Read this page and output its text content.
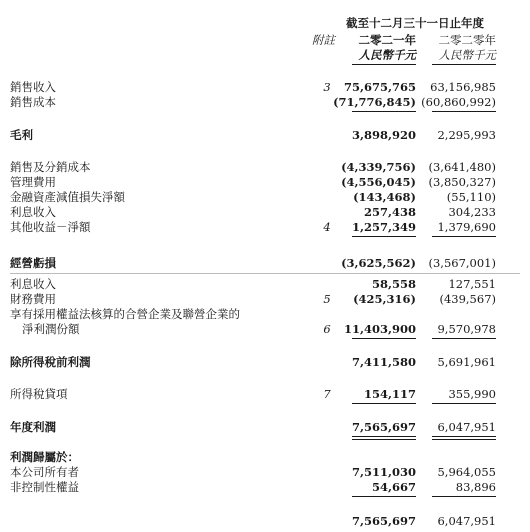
截至十二月三十一日止年度
附註	二零二一年	二零二零年
人民幣千元	人民幣千元
銷售收入	3	75,675,765	63,156,985
銷售成本	(71,776,845) (60,860,992)
毛利	3,898,920	2,295,993
銷售及分銷成本	(4,339,756)	(3,641,480)
管理費用	(4,556,045)	(3,850,327)
金融資產減值損失淨額	(143,468)	(55,110)
利息收入	257,438	304,233
其他收益－淨額	4	1,257,349	1,379,690
經營虧損	(3,625,562)	(3,567,001)
利息收入	58,558	127,551
財務費用	5	(425,316)	(439,567)
享有採用權益法核算的合營企業及聯營企業的
淨利潤份額	6	11,403,900	9,570,978
除所得稅前利潤	7,411,580	5,691,961
所得稅貸項	7	154,117	355,990
年度利潤	7,565,697	6,047,951
利潤歸屬於：
本公司所有者	7,511,030	5,964,055
非控制性權益	54,667	83,896
7,565,697	6,047,951
